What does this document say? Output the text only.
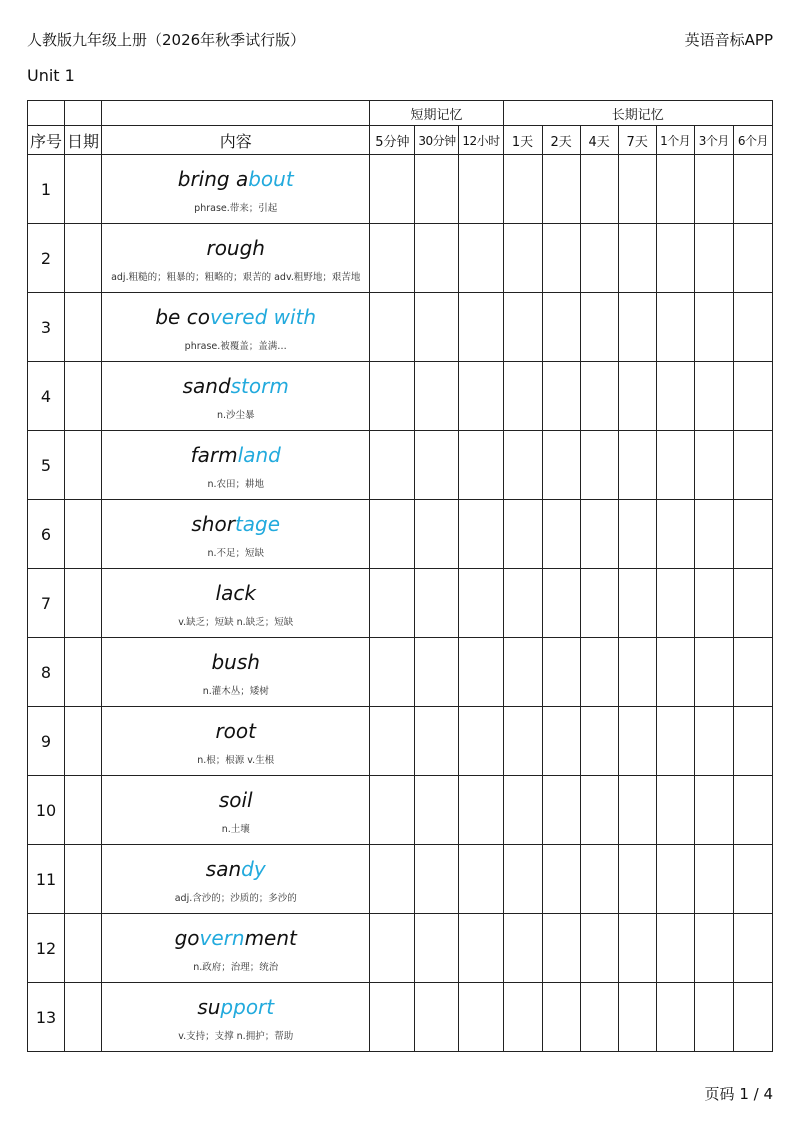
人教版九年级上册（2026年秋季试行版）	英语音标APP
Unit 1
			短期记忆			长期记忆						
序号	日期	内容	5分钟	30分钟	12小时	1天	2天	4天	7天	1个月	3个月	6个月
1		bring about
phrase.带来；引起										

2		rough
adj.粗糙的；粗暴的；粗略的；艰苦的 adv.粗野地；艰苦地										

3		be covered with
phrase.被覆盖；盖满…										

4		sandstorm
n.沙尘暴										

5		farmland
n.农田；耕地										

6		shortage
n.不足；短缺										

7		lack
v.缺乏；短缺 n.缺乏；短缺										

8		bush
n.灌木丛；矮树										

9		root
n.根；根源 v.生根										

10		soil
n.土壤										

11		sandy
adj.含沙的；沙质的；多沙的										

12		government
n.政府；治理；统治										

13		support
v.支持；支撑 n.拥护；帮助										

页码 1 / 4
